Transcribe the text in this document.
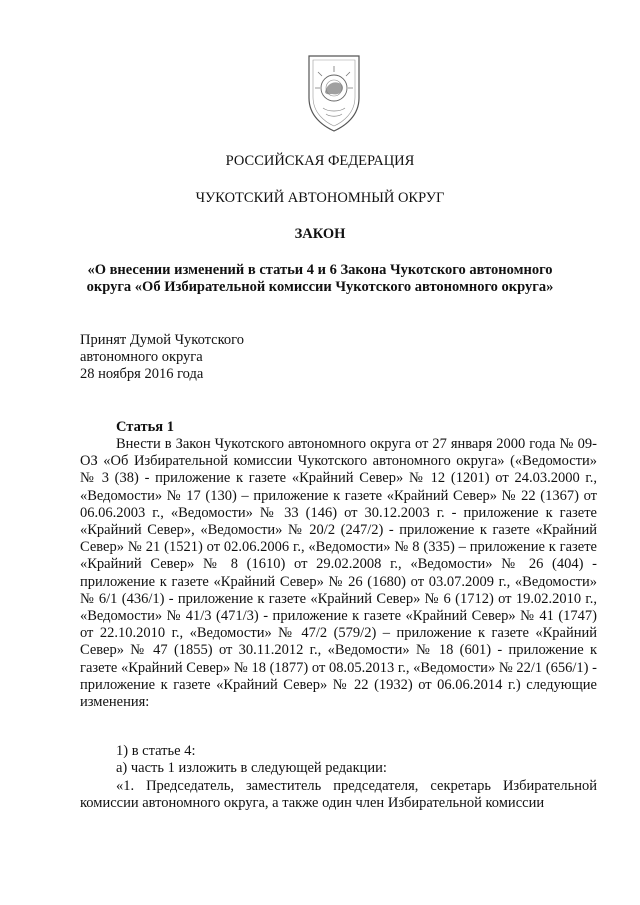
РОССИЙСКАЯ ФЕДЕРАЦИЯ
ЧУКОТСКИЙ АВТОНОМНЫЙ ОКРУГ
ЗАКОН
«О внесении изменений в статьи 4 и 6 Закона Чукотского автономного
округа «Об Избирательной комиссии Чукотского автономного округа»
Принят Думой Чукотского
автономного округа
28 ноября 2016 года
Статья 1
Внести в Закон Чукотского автономного округа от 27 января 2000 года № 09-ОЗ «Об Избирательной комиссии Чукотского автономного округа» («Ведомости» № 3 (38) - приложение к газете «Крайний Север» № 12 (1201) от 24.03.2000 г., «Ведомости» № 17 (130) – приложение к газете «Крайний Север» № 22 (1367) от 06.06.2003 г., «Ведомости» № 33 (146) от 30.12.2003 г. - приложение к газете «Крайний Север», «Ведомости» № 20/2 (247/2) - приложение к газете «Крайний Север» № 21 (1521) от 02.06.2006 г., «Ведомости» № 8 (335) – приложение к газете «Крайний Север» № 8 (1610) от 29.02.2008 г., «Ведомости» № 26 (404) - приложение к газете «Крайний Север» № 26 (1680) от 03.07.2009 г., «Ведомости» № 6/1 (436/1) - приложение к газете «Крайний Север» № 6 (1712) от 19.02.2010 г., «Ведомости» № 41/3 (471/3) - приложение к газете «Крайний Север» № 41 (1747) от 22.10.2010 г., «Ведомости» № 47/2 (579/2) – приложение к газете «Крайний Север» № 47 (1855) от 30.11.2012 г., «Ведомости» № 18 (601) - приложение к газете «Крайний Север» № 18 (1877) от 08.05.2013 г., «Ведомости» № 22/1 (656/1) - приложение к газете «Крайний Север» № 22 (1932) от 06.06.2014 г.) следующие изменения:
1) в статье 4:
а) часть 1 изложить в следующей редакции:
«1. Председатель, заместитель председателя, секретарь Избирательной комиссии автономного округа, а также один член Избирательной комиссии
